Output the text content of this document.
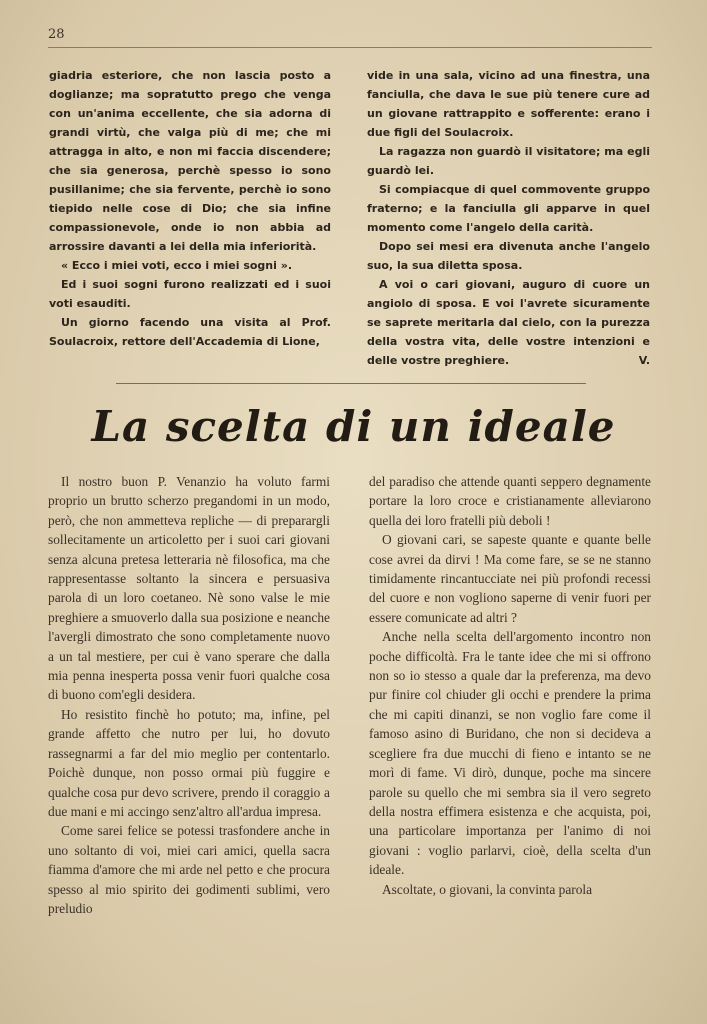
28

giadria esteriore, che non lascia posto a doglianze; ma sopratutto prego che venga con un'anima eccellente, che sia adorna di grandi virtù, che valga più di me; che mi attragga in alto, e non mi faccia discendere; che sia generosa, perchè spesso io sono pusillanime; che sia fervente, perchè io sono tiepido nelle cose di Dio; che sia infine compassionevole, onde io non abbia ad arrossire davanti a lei della mia inferiorità.

« Ecco i miei voti, ecco i miei sogni ».

Ed i suoi sogni furono realizzati ed i suoi voti esauditi.

Un giorno facendo una visita al Prof. Soulacroix, rettore dell'Accademia di Lione,

vide in una sala, vicino ad una finestra, una fanciulla, che dava le sue più tenere cure ad un giovane rattrappito e sofferente: erano i due figli del Soulacroix.

La ragazza non guardò il visitatore; ma egli guardò lei.

Si compiacque di quel commovente gruppo fraterno; e la fanciulla gli apparve in quel momento come l'angelo della carità.

Dopo sei mesi era divenuta anche l'angelo suo, la sua diletta sposa.

A voi o cari giovani, auguro di cuore un angiolo di sposa. E voi l'avrete sicuramente se saprete meritarla dal cielo, con la purezza della vostra vita, delle vostre intenzioni e delle vostre preghiere.	V.

La scelta di un ideale

Il nostro buon P. Venanzio ha voluto farmi proprio un brutto scherzo pregandomi in un modo, però, che non ammetteva repliche — di preparargli sollecitamente un articoletto per i suoi cari giovani senza alcuna pretesa letteraria nè filosofica, ma che rappresentasse soltanto la sincera e persuasiva parola di un loro coetaneo. Nè sono valse le mie preghiere a smuoverlo dalla sua posizione e neanche l'avergli dimostrato che sono completamente nuovo a un tal mestiere, per cui è vano sperare che dalla mia penna inesperta possa venir fuori qualche cosa di buono com'egli desidera.

Ho resistito finchè ho potuto; ma, infine, pel grande affetto che nutro per lui, ho dovuto rassegnarmi a far del mio meglio per contentarlo. Poichè dunque, non posso ormai più fuggire e qualche cosa pur devo scrivere, prendo il coraggio a due mani e mi accingo senz'altro all'ardua impresa.

Come sarei felice se potessi trasfondere anche in uno soltanto di voi, miei cari amici, quella sacra fiamma d'amore che mi arde nel petto e che procura spesso al mio spirito dei godimenti sublimi, vero preludio

del paradiso che attende quanti seppero degnamente portare la loro croce e cristianamente alleviarono quella dei loro fratelli più deboli !

O giovani cari, se sapeste quante e quante belle cose avrei da dirvi ! Ma come fare, se se ne stanno timidamente rincantucciate nei più profondi recessi del cuore e non vogliono saperne di venir fuori per essere comunicate ad altri ?

Anche nella scelta dell'argomento incontro non poche difficoltà. Fra le tante idee che mi si offrono non so io stesso a quale dar la preferenza, ma devo pur finire col chiuder gli occhi e prendere la prima che mi capiti dinanzi, se non voglio fare come il famoso asino di Buridano, che non si decideva a scegliere fra due mucchi di fieno e intanto se ne morì di fame. Vi dirò, dunque, poche ma sincere parole su quello che mi sembra sia il vero segreto della nostra effimera esistenza e che acquista, poi, una particolare importanza per l'animo di noi giovani : voglio parlarvi, cioè, della scelta d'un ideale.

Ascoltate, o giovani, la convinta parola
